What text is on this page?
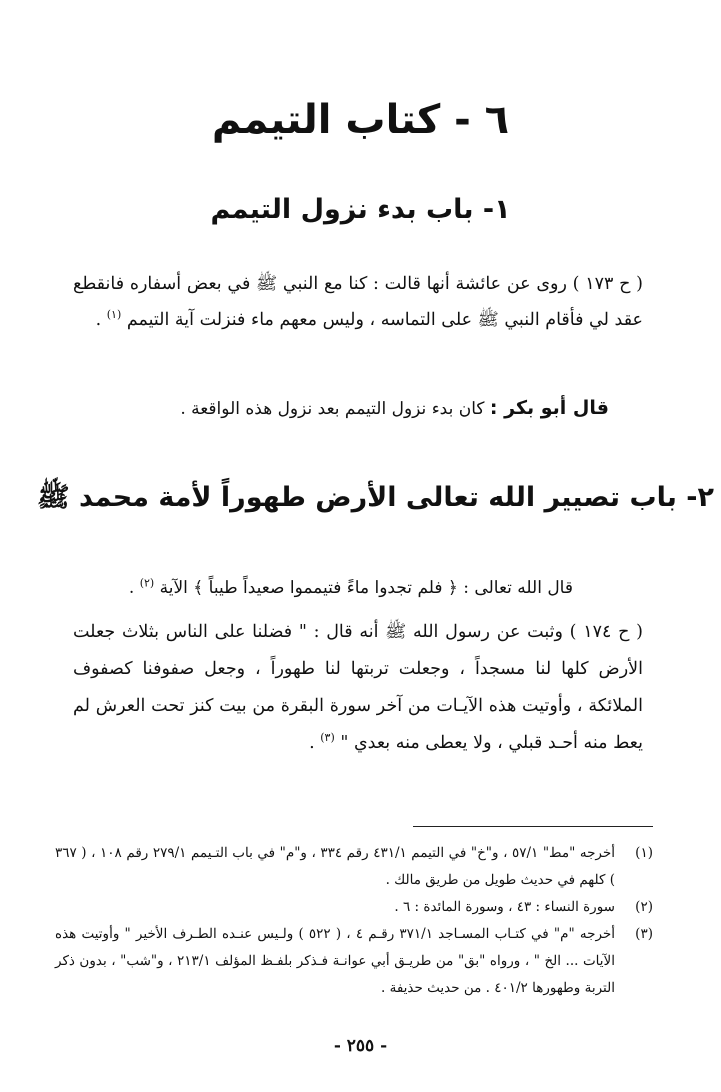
٦ - كتاب التيمم
١- باب بدء نزول التيمم

( ح ١٧٣ ) روى عن عائشة أنها قالت : كنا مع النبي ﷺ في بعض أسفاره فانقطع عقد لي فأقام النبي ﷺ على التماسه ، وليس معهم ماء فنزلت آية التيمم $^{(١)}$ .

قال أبو بكر : كان بدء نزول التيمم بعد نزول هذه الواقعة .

٢- باب تصيير الله تعالى الأرض طهوراً لأمة محمد ﷺ

قال الله تعالى : ﴿ فلم تجدوا ماءً فتيمموا صعيداً طيباً ﴾ الآية $^{(٢)}$ .

( ح ١٧٤ ) وثبت عن رسول الله ﷺ أنه قال : " فضلنا على الناس بثلاث جعلت الأرض كلها لنا مسجداً ، وجعلت تربتها لنا طهوراً ، وجعل صفوفنا كصفوف الملائكة ، وأوتيت هذه الآيـات من آخر سورة البقرة من بيت كنز تحت العرش لم يعط منه أحـد قبلي ، ولا يعطى منه بعدي " $^{(٣)}$ .

(١)
أخرجه "مط" ٥٧/١ ، و"خ" في التيمم ٤٣١/١ رقم ٣٣٤ ، و"م" في باب التـيمم ٢٧٩/١ رقم ١٠٨ ، ( ٣٦٧ ) كلهم في حديث طويل من طريق مالك .
(٢)
سورة النساء : ٤٣ ، وسورة المائدة : ٦ .
(٣)
أخرجه "م" في كتـاب المسـاجد ٣٧١/١ رقـم ٤ ، ( ٥٢٢ ) ولـيس عنـده الطـرف الأخير " وأوتيت هذه الآيات ... الخ " ، ورواه "بق" من طريـق أبي عوانـة فـذكر بلفـظ المؤلف ٢١٣/١ ، و"شب" ، بدون ذكر التربة وطهورها ٤٠١/٢ . من حديث حذيفة .

- ٢٥٥ -
